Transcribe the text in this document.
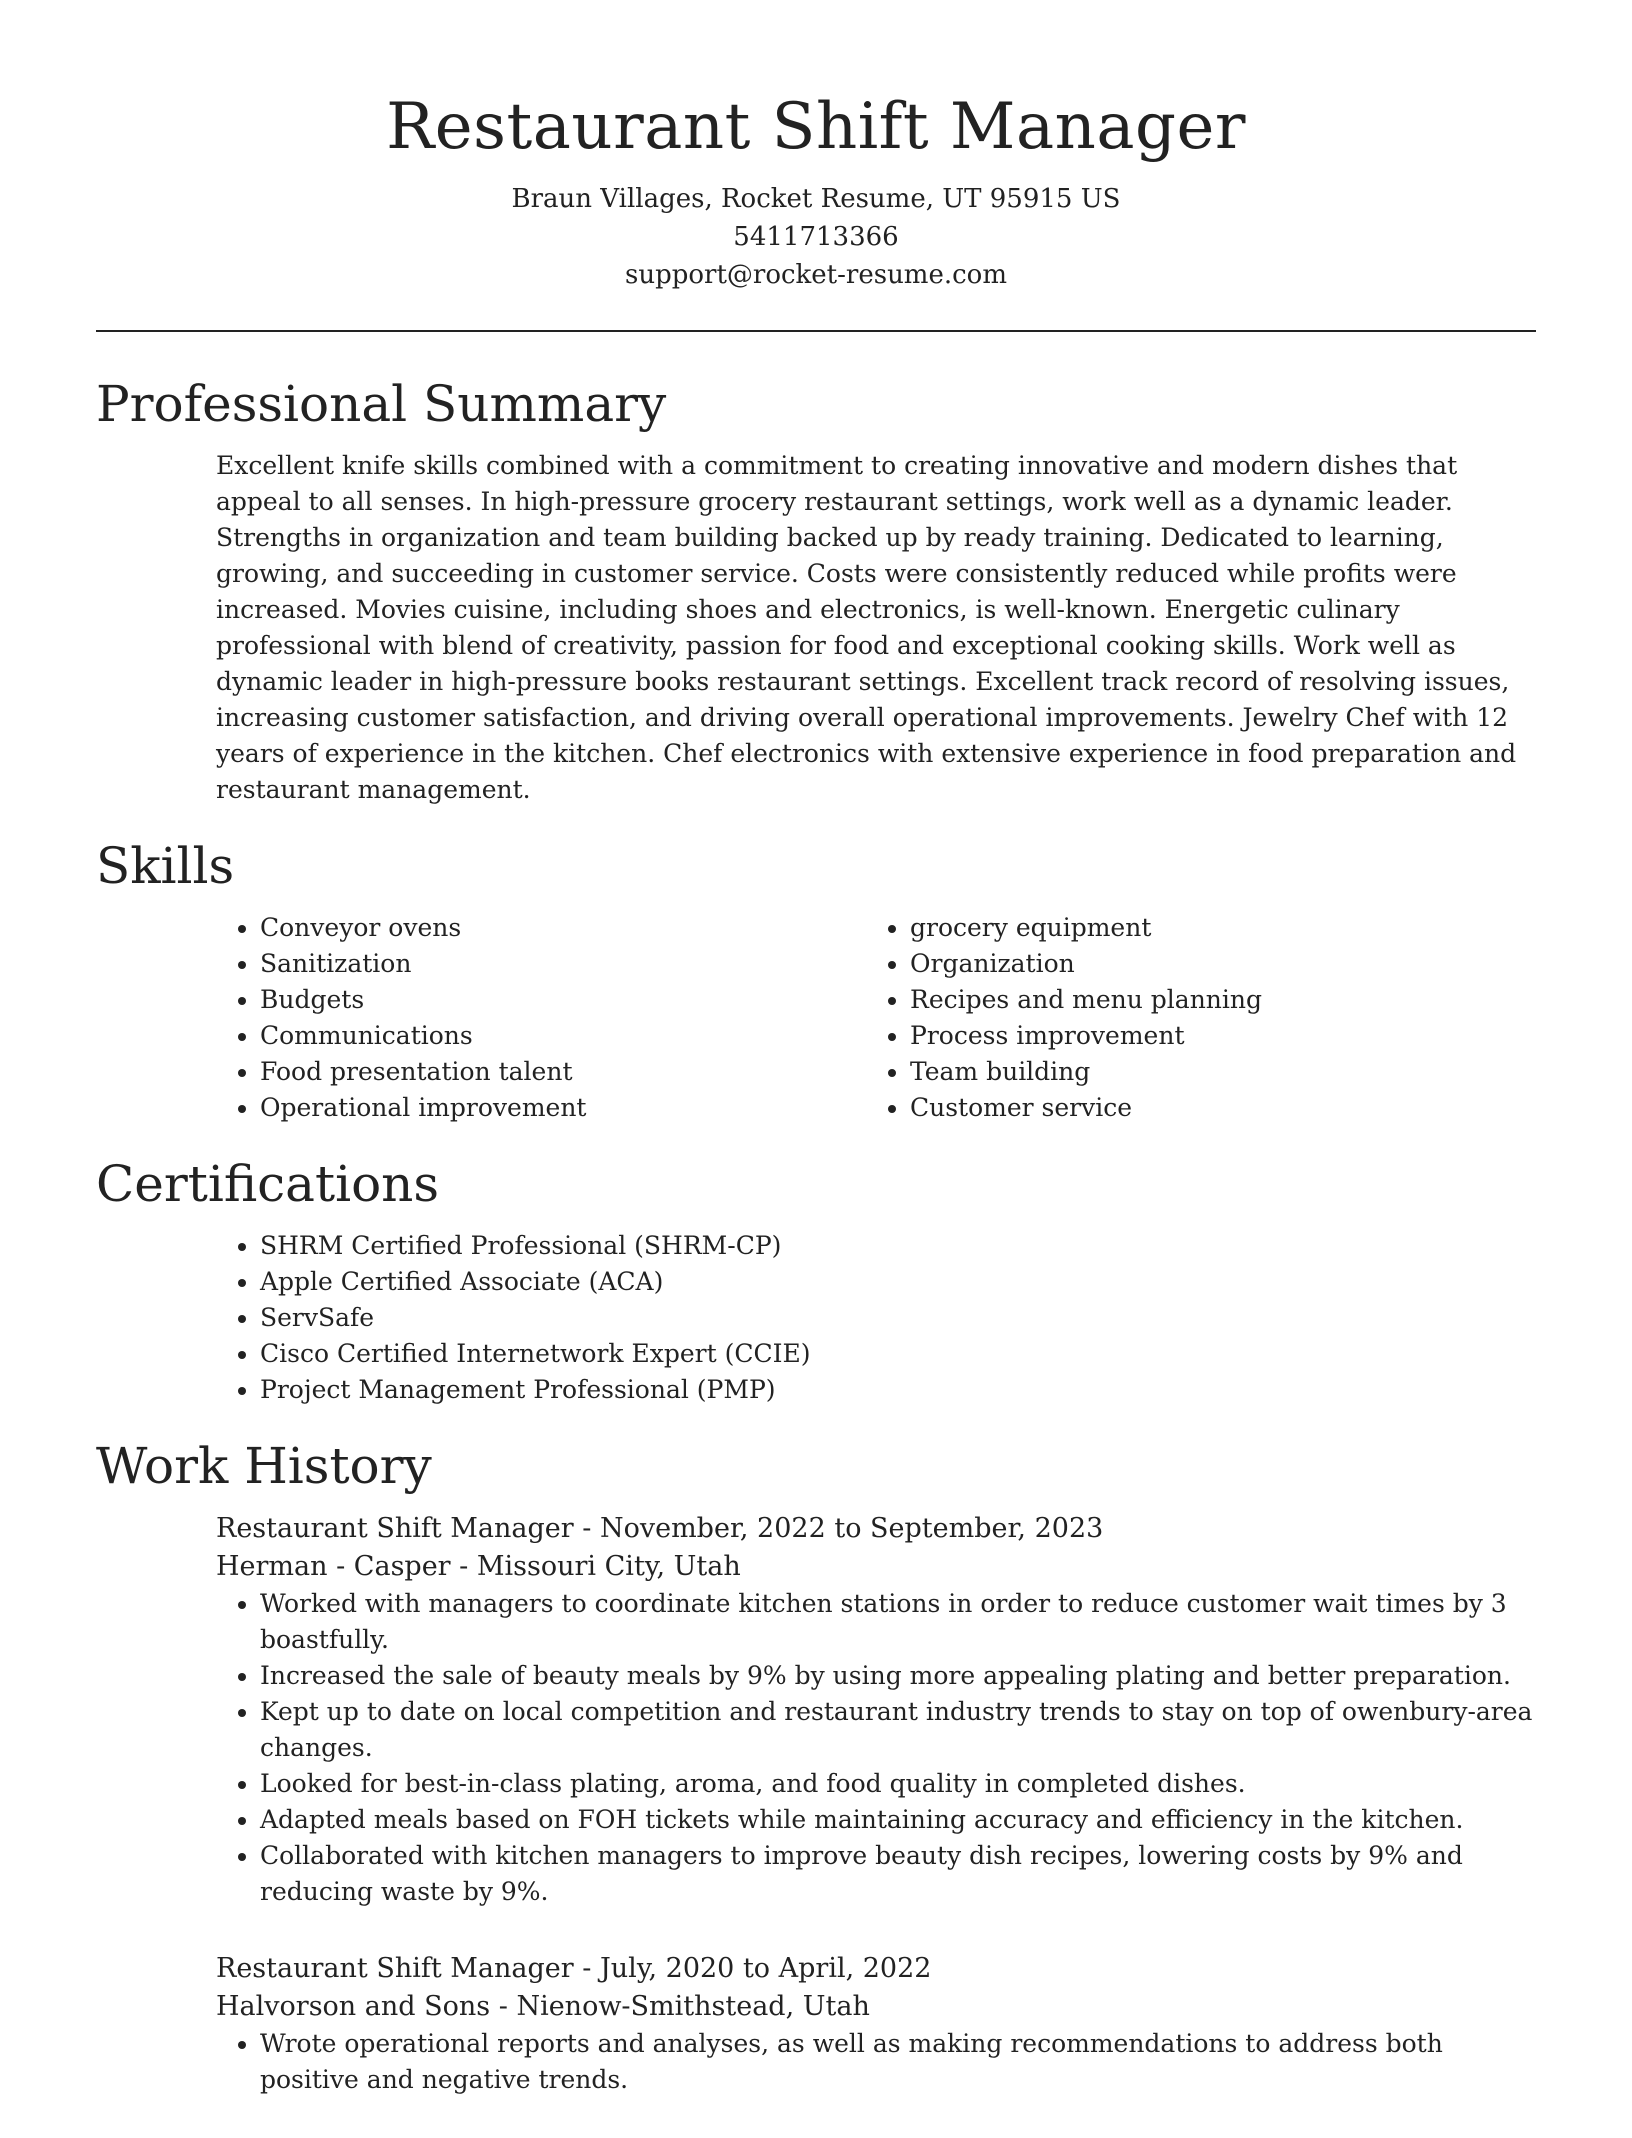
Restaurant Shift Manager
Braun Villages, Rocket Resume, UT 95915 US
5411713366
support@rocket-resume.com
Professional Summary

Excellent knife skills combined with a commitment to creating innovative and modern dishes that appeal to all senses. In high-pressure grocery restaurant settings, work well as a dynamic leader. Strengths in organization and team building backed up by ready training. Dedicated to learning, growing, and succeeding in customer service. Costs were consistently reduced while profits were increased. Movies cuisine, including shoes and electronics, is well-known. Energetic culinary professional with blend of creativity, passion for food and exceptional cooking skills. Work well as dynamic leader in high-pressure books restaurant settings. Excellent track record of resolving issues, increasing customer satisfaction, and driving overall operational improvements. Jewelry Chef with 12 years of experience in the kitchen. Chef electronics with extensive experience in food preparation and restaurant management.

Skills
• Conveyor ovens
• Sanitization
• Budgets
• Communications
• Food presentation talent
• Operational improvement
• grocery equipment
• Organization
• Recipes and menu planning
• Process improvement
• Team building
• Customer service
Certifications
• SHRM Certified Professional (SHRM-CP)
• Apple Certified Associate (ACA)
• ServSafe
• Cisco Certified Internetwork Expert (CCIE)
• Project Management Professional (PMP)
Work History
Restaurant Shift Manager - November, 2022 to September, 2023
Herman - Casper - Missouri City, Utah
• Worked with managers to coordinate kitchen stations in order to reduce customer wait times by 3 boastfully.
• Increased the sale of beauty meals by 9% by using more appealing plating and better preparation.
• Kept up to date on local competition and restaurant industry trends to stay on top of owenbury-area changes.
• Looked for best-in-class plating, aroma, and food quality in completed dishes.
• Adapted meals based on FOH tickets while maintaining accuracy and efficiency in the kitchen.
• Collaborated with kitchen managers to improve beauty dish recipes, lowering costs by 9% and reducing waste by 9%.
Restaurant Shift Manager - July, 2020 to April, 2022
Halvorson and Sons - Nienow-Smithstead, Utah
• Wrote operational reports and analyses, as well as making recommendations to address both positive and negative trends.
